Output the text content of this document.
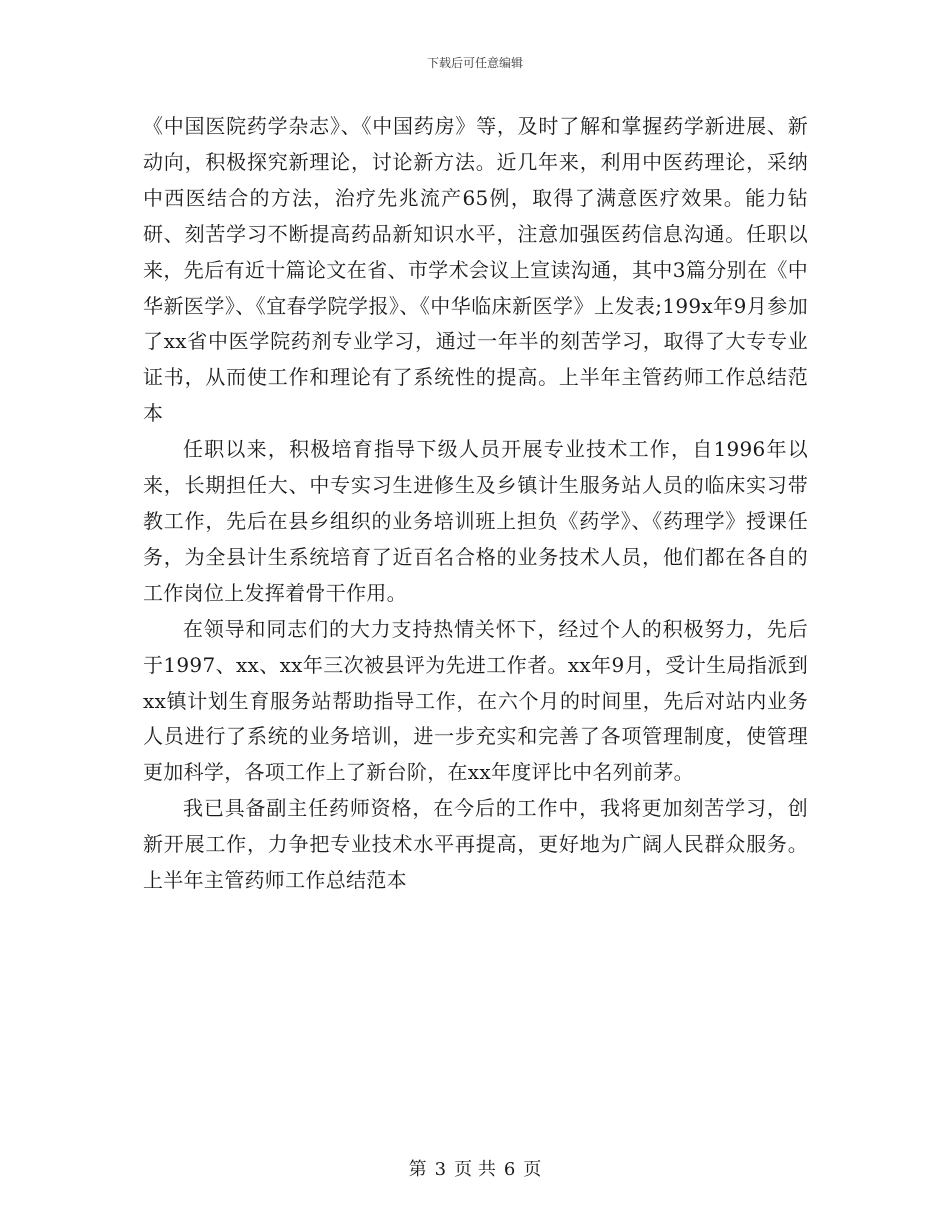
下载后可任意编辑

《中国医院药学杂志》、《中国药房》等，及时了解和掌握药学新进展、新动向，积极探究新理论，讨论新方法。近几年来，利用中医药理论，采纳中西医结合的方法，治疗先兆流产65例，取得了满意医疗效果。能力钻研、刻苦学习不断提高药品新知识水平，注意加强医药信息沟通。任职以来，先后有近十篇论文在省、市学术会议上宣读沟通，其中3篇分别在《中华新医学》、《宜春学院学报》、《中华临床新医学》上发表;199x年9月参加了xx省中医学院药剂专业学习，通过一年半的刻苦学习，取得了大专专业证书，从而使工作和理论有了系统性的提高。上半年主管药师工作总结范本

任职以来，积极培育指导下级人员开展专业技术工作，自1996年以来，长期担任大、中专实习生进修生及乡镇计生服务站人员的临床实习带教工作，先后在县乡组织的业务培训班上担负《药学》、《药理学》授课任务，为全县计生系统培育了近百名合格的业务技术人员，他们都在各自的工作岗位上发挥着骨干作用。

在领导和同志们的大力支持热情关怀下，经过个人的积极努力，先后于1997、xx、xx年三次被县评为先进工作者。xx年9月，受计生局指派到xx镇计划生育服务站帮助指导工作，在六个月的时间里，先后对站内业务人员进行了系统的业务培训，进一步充实和完善了各项管理制度，使管理更加科学，各项工作上了新台阶，在xx年度评比中名列前茅。

我已具备副主任药师资格，在今后的工作中，我将更加刻苦学习，创新开展工作，力争把专业技术水平再提高，更好地为广阔人民群众服务。上半年主管药师工作总结范本

第 3 页 共 6 页
